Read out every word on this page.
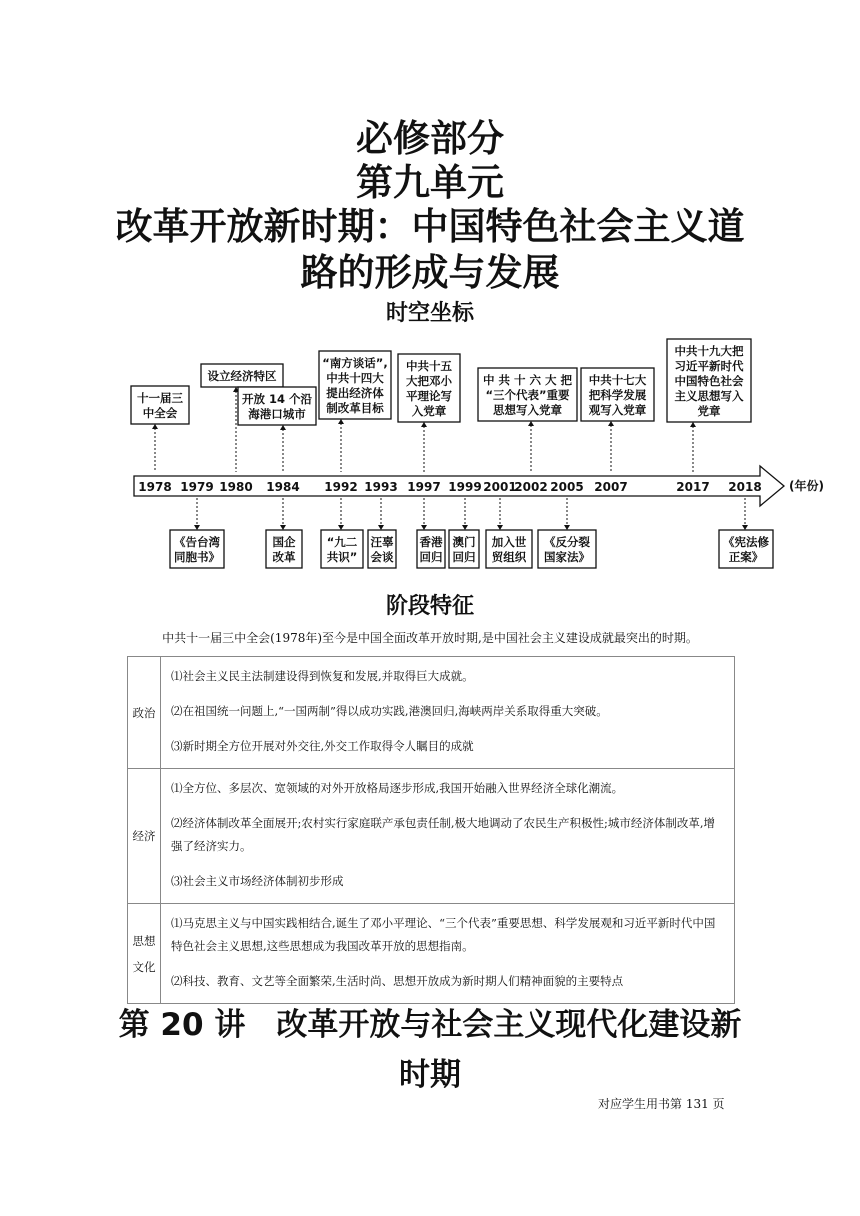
必修部分
第九单元
改革开放新时期：中国特色社会主义道
路的形成与发展
时空坐标
(年份)
1978 1979 1980 1984 1992 1993 1997 1999 2001
2002 2005 2007	2017 2018
十一届三
中全会
设立经济特区
开放 14 个沿
海港口城市
“南方谈话”,
中共十四大
提出经济体
制改革目标
中共十五
大把邓小
平理论写
入党章
中 共 十 六 大 把
“三个代表”重要
思想写入党章
中共十七大
把科学发展
观写入党章
中共十九大把
习近平新时代
中国特色社会
主义思想写入
党章
《告台湾
同胞书》
国企
改革
“九二
共识”
汪辜
会谈
香港
回归
澳门
回归
加入世
贸组织
《反分裂
国家法》
《宪法修
正案》
阶段特征
中共十一届三中全会(1978年)至今是中国全面改革开放时期,是中国社会主义建设成就最突出的时期。
政治	⑴社会主义民主法制建设得到恢复和发展,并取得巨大成就。

⑵在祖国统一问题上,“一国两制”得以成功实践,港澳回归,海峡两岸关系取得重大突破。

⑶新时期全方位开展对外交往,外交工作取得令人瞩目的成就

经济	⑴全方位、多层次、宽领域的对外开放格局逐步形成,我国开始融入世界经济全球化潮流。

⑵经济体制改革全面展开;农村实行家庭联产承包责任制,极大地调动了农民生产积极性;城市经济体制改革,增强了经济实力。

⑶社会主义市场经济体制初步形成

思想文化	⑴马克思主义与中国实践相结合,诞生了邓小平理论、“三个代表”重要思想、科学发展观和习近平新时代中国特色社会主义思想,这些思想成为我国改革开放的思想指南。

⑵科技、教育、文艺等全面繁荣,生活时尚、思想开放成为新时期人们精神面貌的主要特点

第 20 讲　改革开放与社会主义现代化建设新
时期
对应学生用书第 131 页
